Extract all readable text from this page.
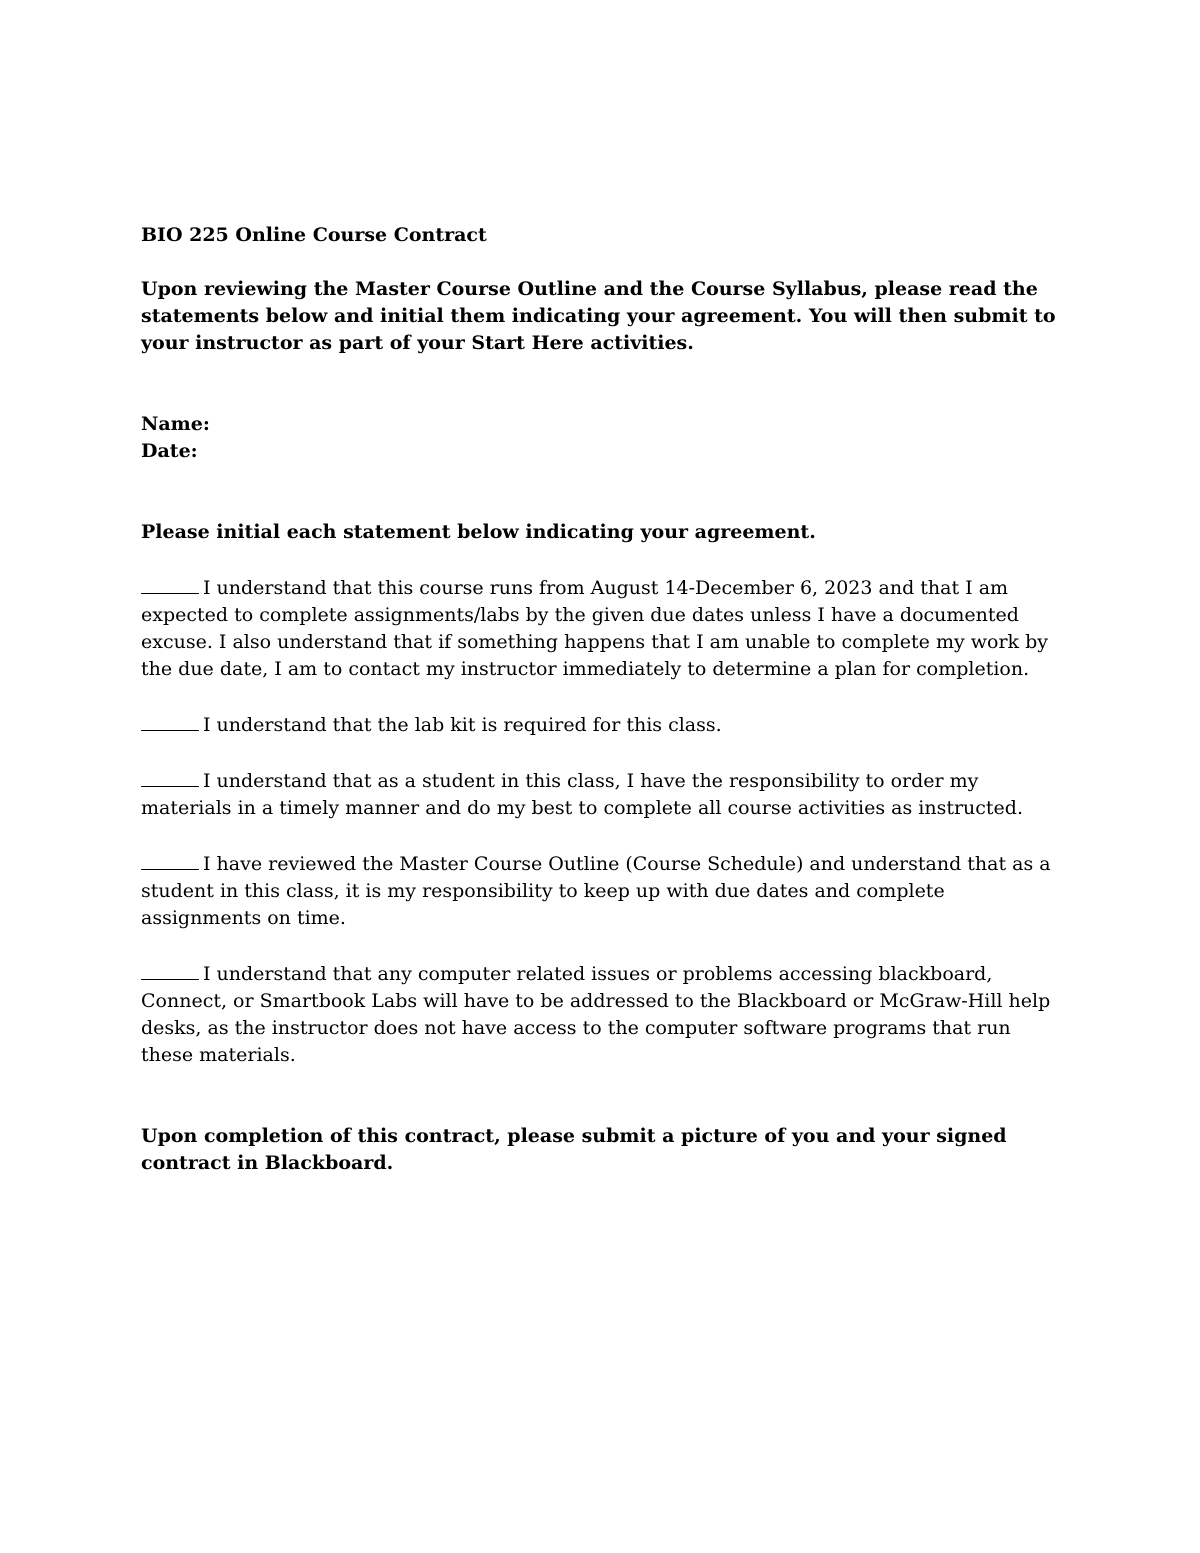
BIO 225 Online Course Contract

Upon reviewing the Master Course Outline and the Course Syllabus, please read the statements below and initial them indicating your agreement. You will then submit to your instructor as part of your Start Here activities.

Name:
Date:

Please initial each statement below indicating your agreement.

I understand that this course runs from August 14-December 6, 2023 and that I am expected to complete assignments/labs by the given due dates unless I have a documented excuse. I also understand that if something happens that I am unable to complete my work by the due date, I am to contact my instructor immediately to determine a plan for completion.

I understand that the lab kit is required for this class.

I understand that as a student in this class, I have the responsibility to order my materials in a timely manner and do my best to complete all course activities as instructed.

I have reviewed the Master Course Outline (Course Schedule) and understand that as a student in this class, it is my responsibility to keep up with due dates and complete assignments on time.

I understand that any computer related issues or problems accessing blackboard, Connect, or Smartbook Labs will have to be addressed to the Blackboard or McGraw-Hill help desks, as the instructor does not have access to the computer software programs that run these materials.

Upon completion of this contract, please submit a picture of you and your signed contract in Blackboard.
